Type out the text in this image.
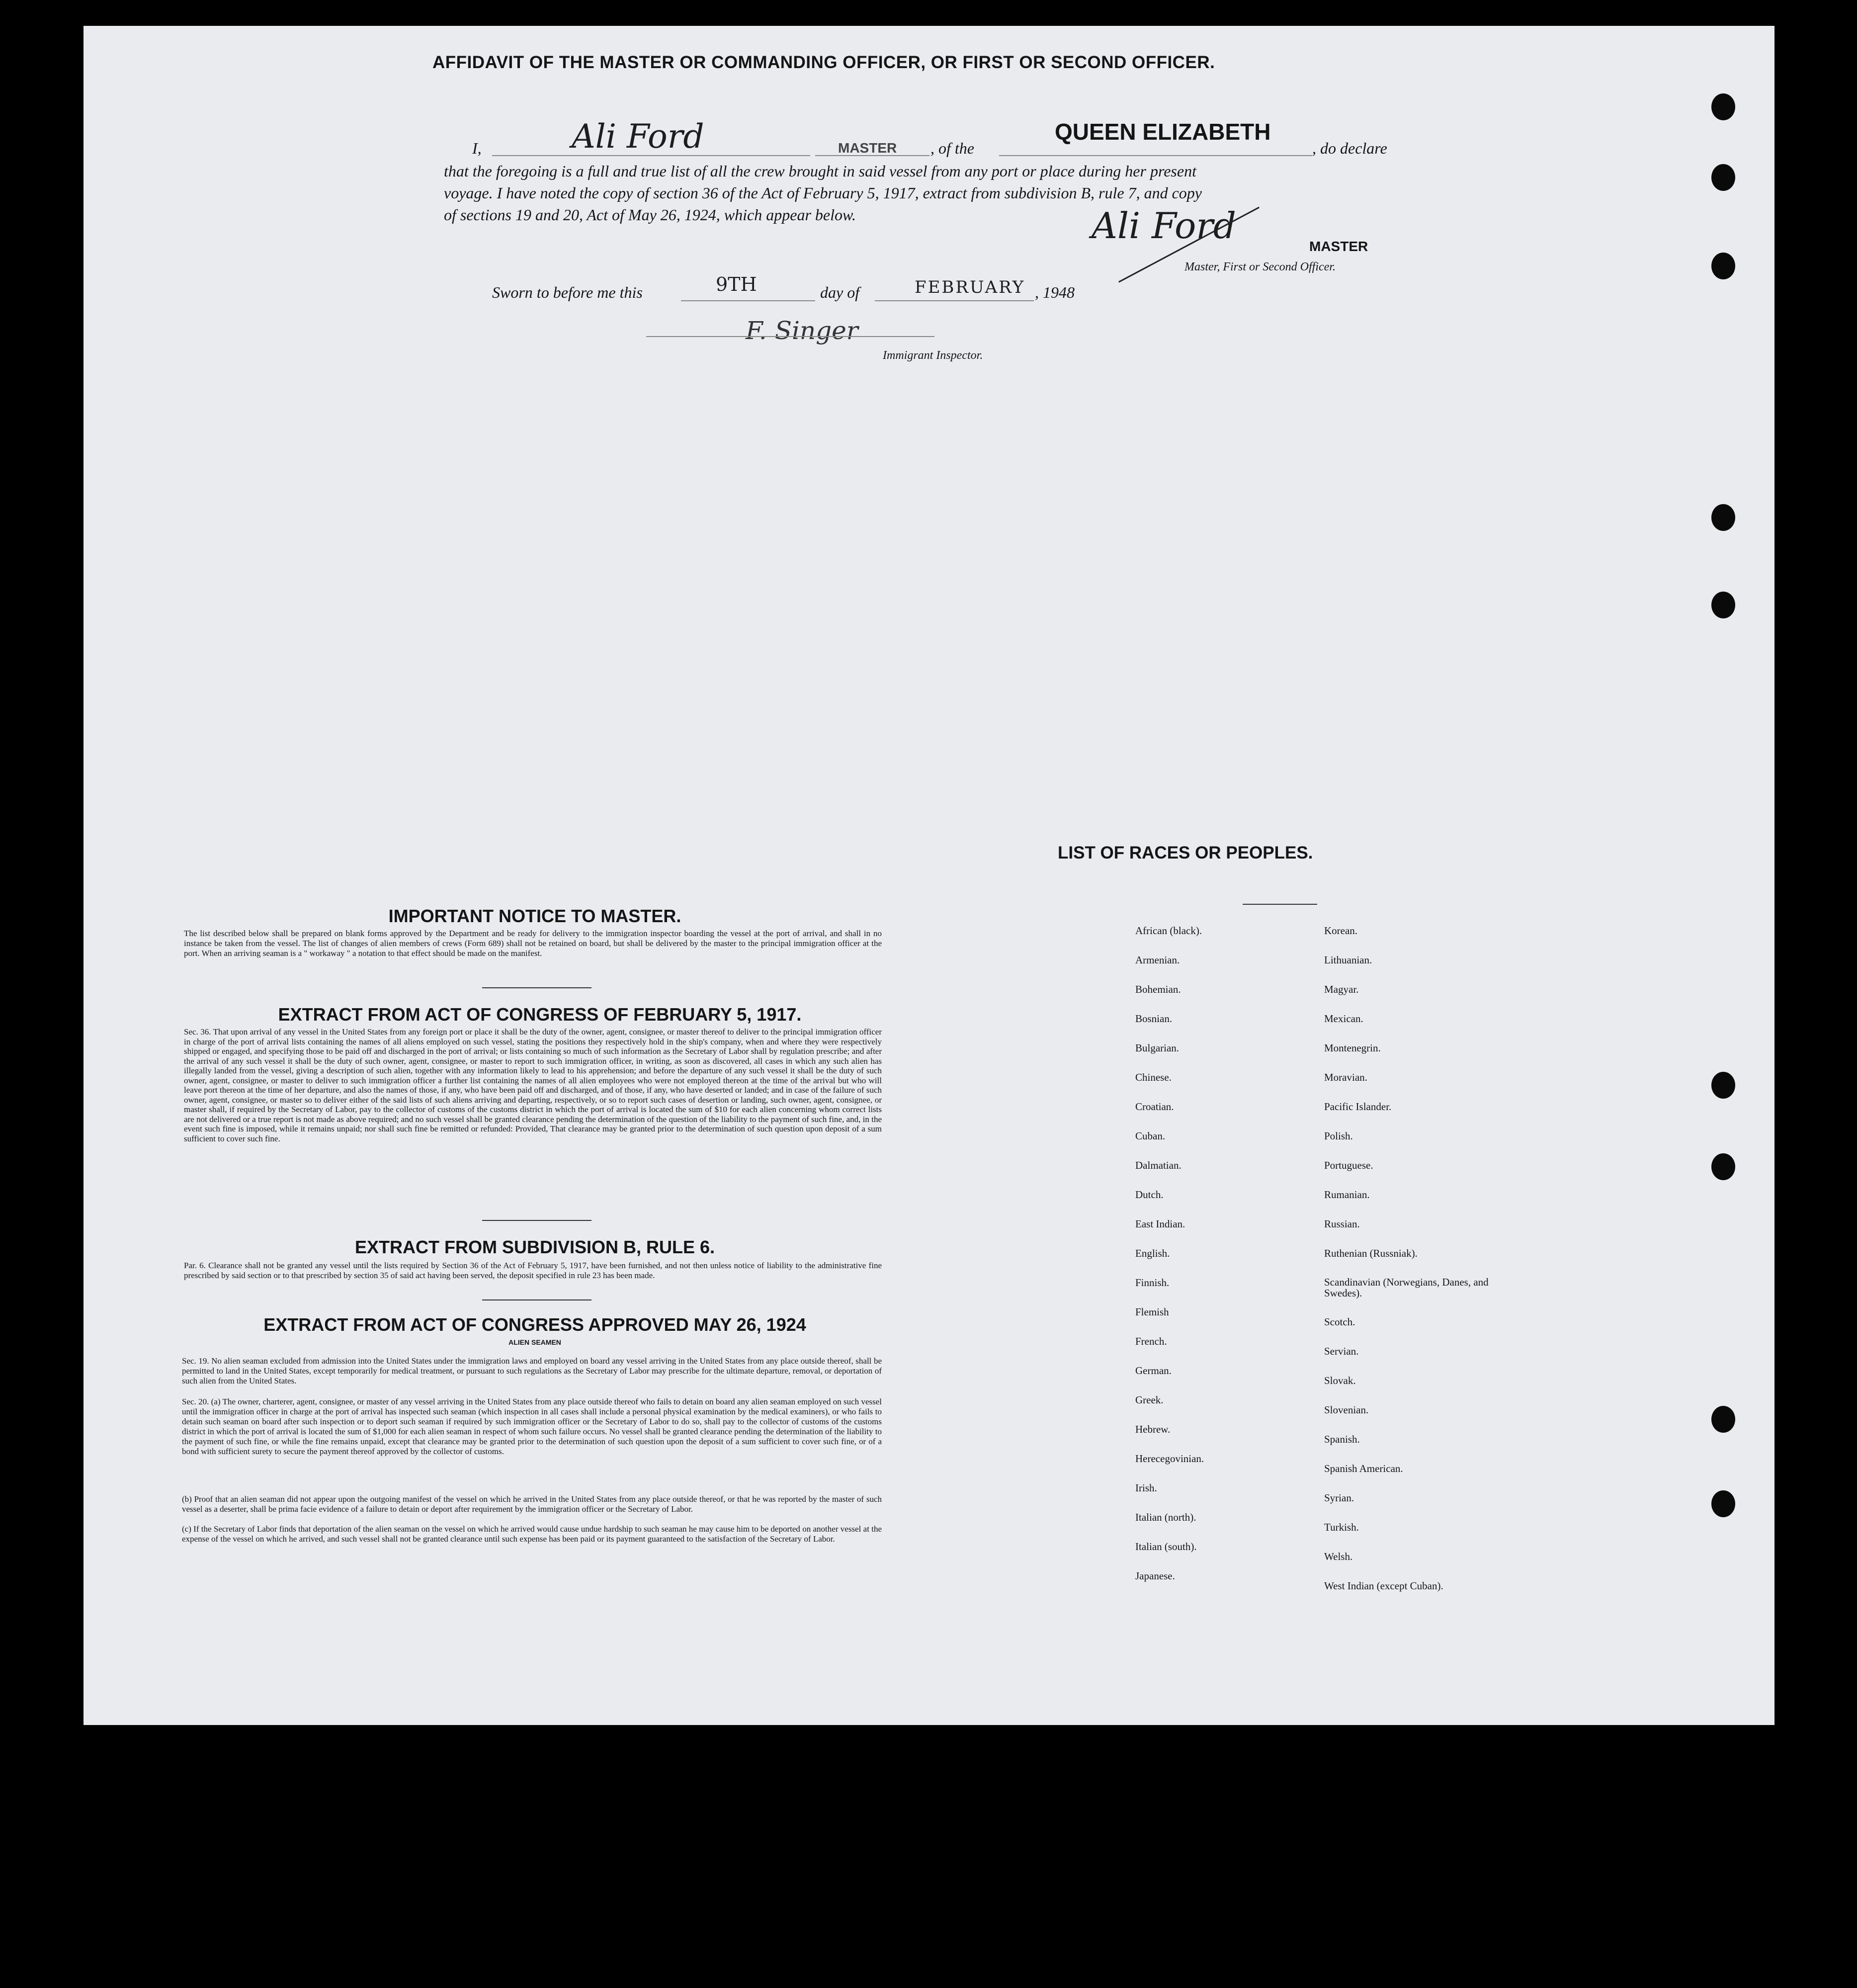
AFFIDAVIT OF THE MASTER OR COMMANDING OFFICER, OR FIRST OR SECOND OFFICER.
I,	Ali Ford	MASTER , of the
QUEEN ELIZABETH
, do declare
that the foregoing is a full and true list of all the crew brought in said vessel from any port or place during her present
voyage. I have noted the copy of section 36 of the Act of February 5, 1917, extract from subdivision B, rule 7, and copy
of sections 19 and 20, Act of May 26, 1924, which appear below.	Ali Ford	MASTER
Master, First or Second Officer.
Sworn to before me this	9TH	day of	FEBRUARY , 1948
F. Singer
Immigrant Inspector.
IMPORTANT NOTICE TO MASTER.
The list described below shall be prepared on blank forms approved by the Department and be ready for delivery to the immigration inspector boarding the vessel at the port of arrival, and shall in no instance be taken from the vessel. The list of changes of alien members of crews (Form 689) shall not be retained on board, but shall be delivered by the master to the principal immigration officer at the port. When an arriving seaman is a " workaway " a notation to that effect should be made on the manifest.
EXTRACT FROM ACT OF CONGRESS OF FEBRUARY 5, 1917.
Sec. 36. That upon arrival of any vessel in the United States from any foreign port or place it shall be the duty of the owner, agent, consignee, or master thereof to deliver to the principal immigration officer in charge of the port of arrival lists containing the names of all aliens employed on such vessel, stating the positions they respectively hold in the ship's company, when and where they were respectively shipped or engaged, and specifying those to be paid off and discharged in the port of arrival; or lists containing so much of such information as the Secretary of Labor shall by regulation prescribe; and after the arrival of any such vessel it shall be the duty of such owner, agent, consignee, or master to report to such immigration officer, in writing, as soon as discovered, all cases in which any such alien has illegally landed from the vessel, giving a description of such alien, together with any information likely to lead to his apprehension; and before the departure of any such vessel it shall be the duty of such owner, agent, consignee, or master to deliver to such immigration officer a further list containing the names of all alien employees who were not employed thereon at the time of the arrival but who will leave port thereon at the time of her departure, and also the names of those, if any, who have been paid off and discharged, and of those, if any, who have deserted or landed; and in case of the failure of such owner, agent, consignee, or master so to deliver either of the said lists of such aliens arriving and departing, respectively, or so to report such cases of desertion or landing, such owner, agent, consignee, or master shall, if required by the Secretary of Labor, pay to the collector of customs of the customs district in which the port of arrival is located the sum of $10 for each alien concerning whom correct lists are not delivered or a true report is not made as above required; and no such vessel shall be granted clearance pending the determination of the question of the liability to the payment of such fine, and, in the event such fine is imposed, while it remains unpaid; nor shall such fine be remitted or refunded: Provided, That clearance may be granted prior to the determination of such question upon deposit of a sum sufficient to cover such fine.
EXTRACT FROM SUBDIVISION B, RULE 6.
Par. 6. Clearance shall not be granted any vessel until the lists required by Section 36 of the Act of February 5, 1917, have been furnished, and not then unless notice of liability to the administrative fine prescribed by said section or to that prescribed by section 35 of said act having been served, the deposit specified in rule 23 has been made.
EXTRACT FROM ACT OF CONGRESS APPROVED MAY 26, 1924
ALIEN SEAMEN
Sec. 19. No alien seaman excluded from admission into the United States under the immigration laws and employed on board any vessel arriving in the United States from any place outside thereof, shall be permitted to land in the United States, except temporarily for medical treatment, or pursuant to such regulations as the Secretary of Labor may prescribe for the ultimate departure, removal, or deportation of such alien from the United States.
Sec. 20. (a) The owner, charterer, agent, consignee, or master of any vessel arriving in the United States from any place outside thereof who fails to detain on board any alien seaman employed on such vessel until the immigration officer in charge at the port of arrival has inspected such seaman (which inspection in all cases shall include a personal physical examination by the medical examiners), or who fails to detain such seaman on board after such inspection or to deport such seaman if required by such immigration officer or the Secretary of Labor to do so, shall pay to the collector of customs of the customs district in which the port of arrival is located the sum of $1,000 for each alien seaman in respect of whom such failure occurs. No vessel shall be granted clearance pending the determination of the liability to the payment of such fine, or while the fine remains unpaid, except that clearance may be granted prior to the determination of such question upon the deposit of a sum sufficient to cover such fine, or of a bond with sufficient surety to secure the payment thereof approved by the collector of customs.
(b) Proof that an alien seaman did not appear upon the outgoing manifest of the vessel on which he arrived in the United States from any place outside thereof, or that he was reported by the master of such vessel as a deserter, shall be prima facie evidence of a failure to detain or deport after requirement by the immigration officer or the Secretary of Labor.
(c) If the Secretary of Labor finds that deportation of the alien seaman on the vessel on which he arrived would cause undue hardship to such seaman he may cause him to be deported on another vessel at the expense of the vessel on which he arrived, and such vessel shall not be granted clearance until such expense has been paid or its payment guaranteed to the satisfaction of the Secretary of Labor.
LIST OF RACES OR PEOPLES.
African (black).
Armenian.
Bohemian.
Bosnian.
Bulgarian.
Chinese.
Croatian.
Cuban.
Dalmatian.
Dutch.
East Indian.
English.
Finnish.
Flemish
French.
German.
Greek.
Hebrew.
Herecegovinian.
Irish.
Italian (north).
Italian (south).
Japanese.
Korean.
Lithuanian.
Magyar.
Mexican.
Montenegrin.
Moravian.
Pacific Islander.
Polish.
Portuguese.
Rumanian.
Russian.
Ruthenian (Russniak).
Scandinavian (Norwegians, Danes, and Swedes).
Scotch.
Servian.
Slovak.
Slovenian.
Spanish.
Spanish American.
Syrian.
Turkish.
Welsh.
West Indian (except Cuban).
